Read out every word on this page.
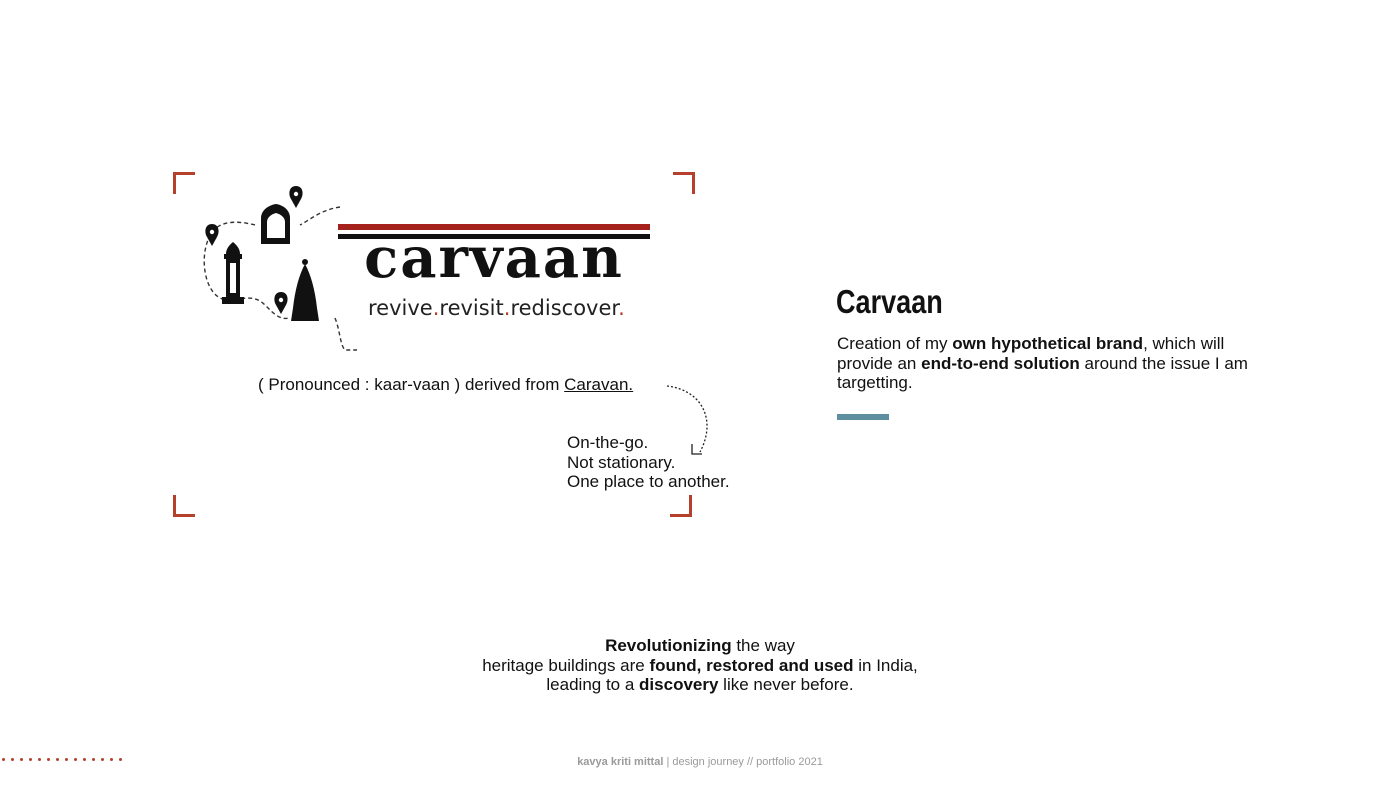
carvaan
revive.revisit.rediscover.
( Pronounced : kaar-vaan ) derived from Caravan.
On-the-go.
Not stationary.
One place to another.
Carvaan
Creation of my own hypothetical brand, which will provide an end-to-end solution around the issue I am targetting.
Revolutionizing the way
heritage buildings are found, restored and used in India,
leading to a discovery like never before.
kavya kriti mittal | design journey // portfolio 2021
